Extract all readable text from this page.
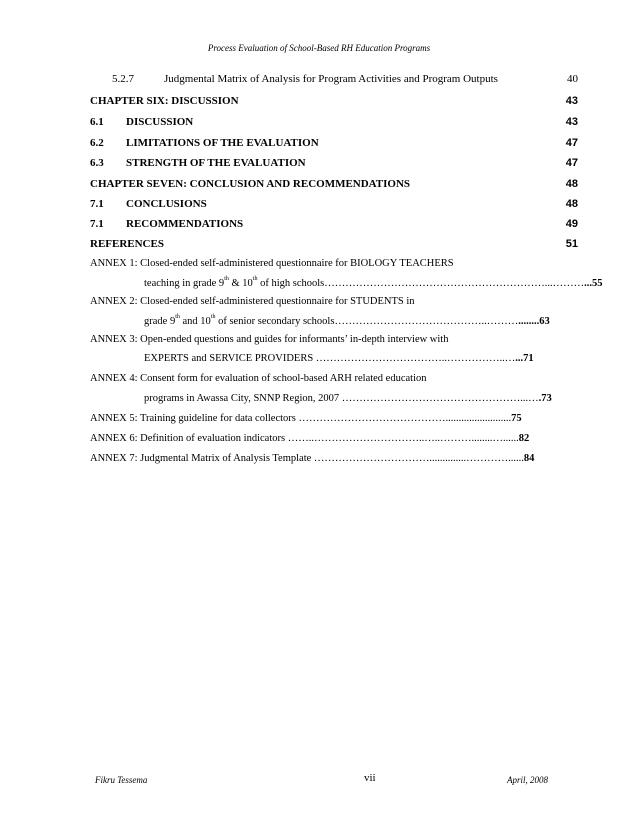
Process Evaluation of School-Based RH Education Programs
5.2.7	Judgmental Matrix of Analysis for Program Activities and Program Outputs	40
CHAPTER SIX: DISCUSSION	43
6.1 DISCUSSION	43
6.2 LIMITATIONS OF THE EVALUATION	47
6.3 STRENGTH OF THE EVALUATION	47
CHAPTER SEVEN: CONCLUSION AND RECOMMENDATIONS	48
7.1 CONCLUSIONS	48
7.1 RECOMMENDATIONS	49
REFERENCES	51
ANNEX 1: Closed-ended self-administered questionnaire for BIOLOGY TEACHERS
teaching in grade 9th & 10th of high schools………………………………………………………...………...55
ANNEX 2: Closed-ended self-administered questionnaire for STUDENTS in
grade 9th and 10th of senior secondary schools……………………………………..………........63
ANNEX 3: Open-ended questions and guides for informants’ in-depth interview with
EXPERTS and SERVICE PROVIDERS ………………………………..……………..…...71
ANNEX 4: Consent form for evaluation of school-based ARH related education
programs in Awassa City, SNNP Region, 2007 ……………………………………………...….73
ANNEX 5: Training guideline for data collectors …………………………………….........................75
ANNEX 6: Definition of evaluation indicators ……..…………………………..…..………........…......82
ANNEX 7: Judgmental Matrix of Analysis Template ……………………………..............…………......84
Fikru Tessema	vii	April, 2008
